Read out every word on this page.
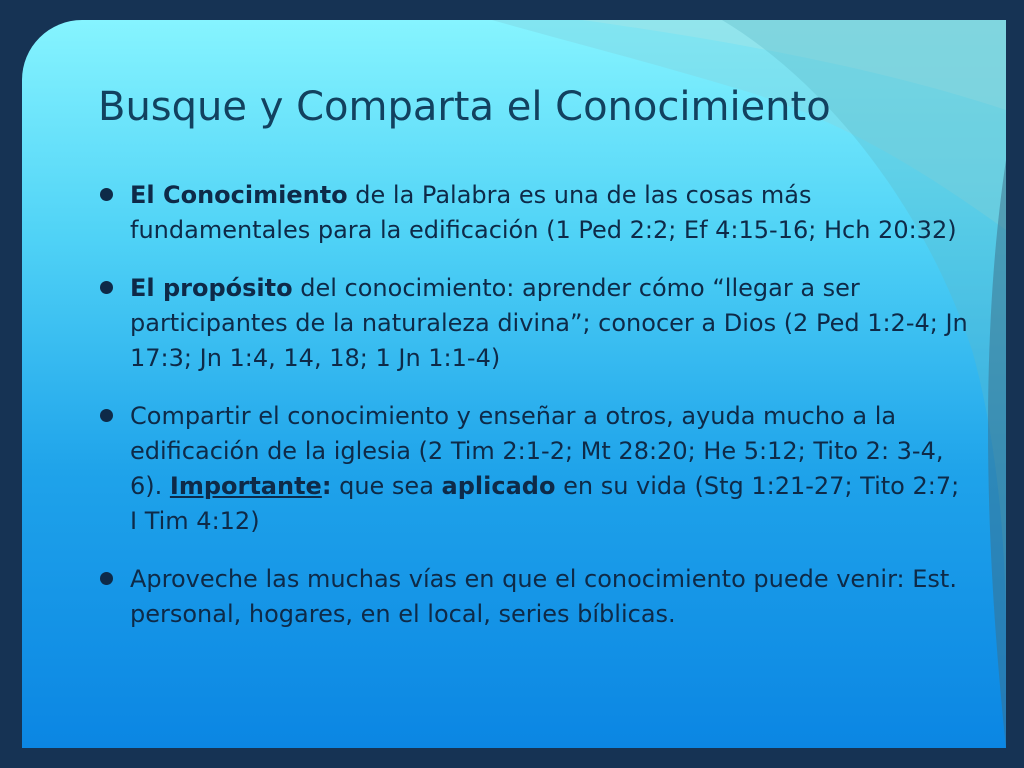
Busque y Comparta el Conocimiento
El Conocimiento de la Palabra es una de las cosas más fundamentales para la edificación (1 Ped 2:2; Ef 4:15-16; Hch 20:32)
El propósito del conocimiento: aprender cómo “llegar a ser participantes de la naturaleza divina”; conocer a Dios (2 Ped 1:2-4; Jn 17:3; Jn 1:4, 14, 18; 1 Jn 1:1-4)
Compartir el conocimiento y enseñar a otros, ayuda mucho a la edificación de la iglesia (2 Tim 2:1-2; Mt 28:20; He 5:12; Tito 2: 3-4, 6). Importante: que sea aplicado en su vida (Stg 1:21-27; Tito 2:7; I Tim 4:12)
Aproveche las muchas vías en que el conocimiento puede venir: Est. personal, hogares, en el local, series bíblicas.
